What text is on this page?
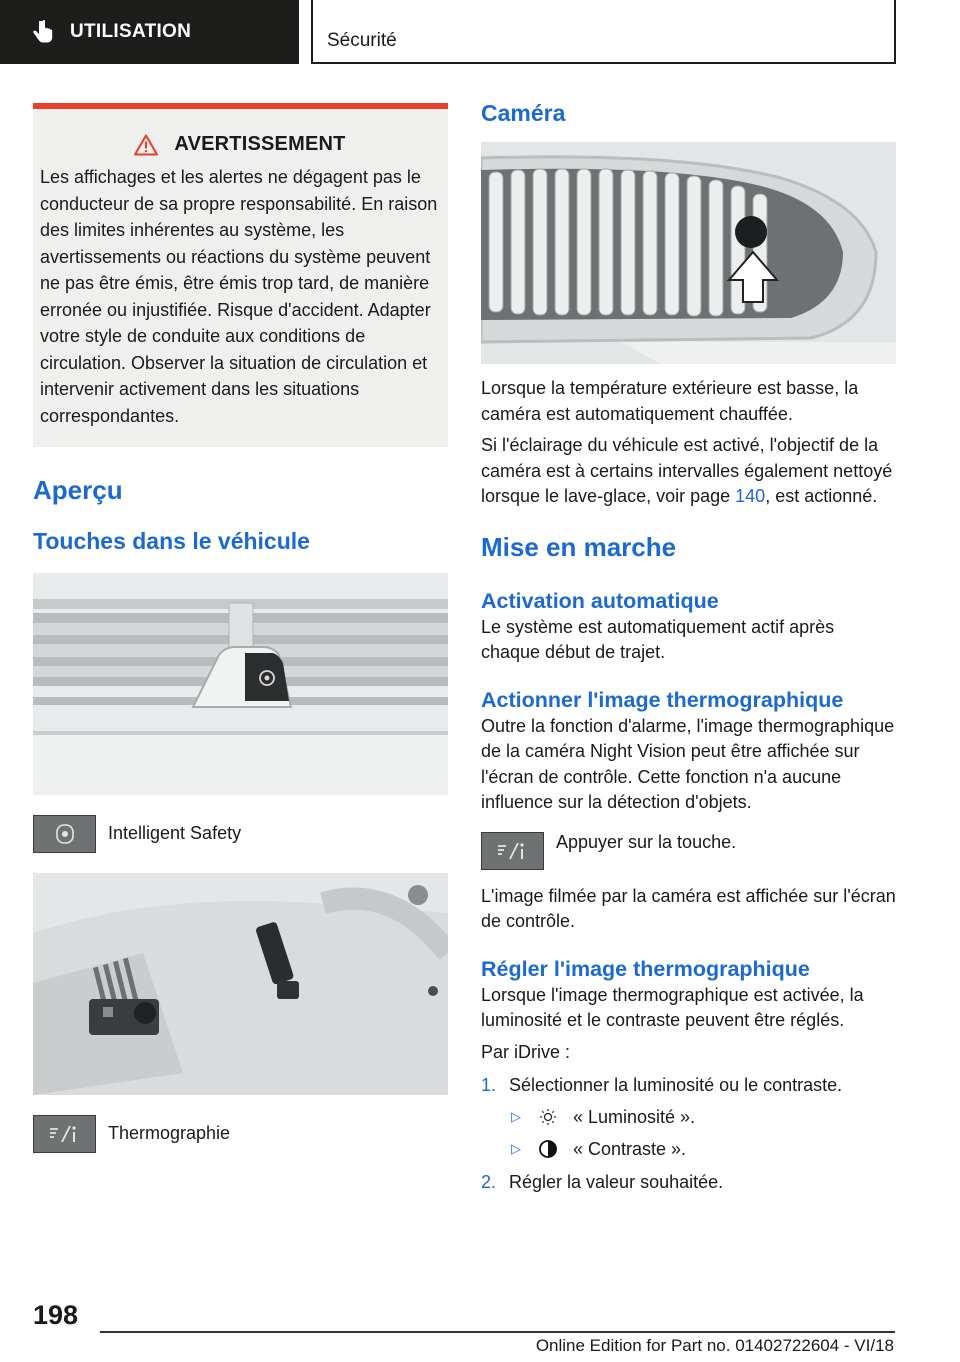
UTILISATION	Sécurité
AVERTISSEMENT
Les affichages et les alertes ne dégagent pas le conducteur de sa propre responsabilité. En raison des limites inhérentes au système, les avertissements ou réactions du système peuvent ne pas être émis, être émis trop tard, de manière erronée ou injustifiée. Risque d'accident. Adapter votre style de conduite aux conditions de circulation. Observer la situation de circulation et intervenir activement dans les situations correspondantes.
Aperçu
Touches dans le véhicule
Intelligent Safety
Thermographie
Caméra

Lorsque la température extérieure est basse, la caméra est automatiquement chauffée.

Si l'éclairage du véhicule est activé, l'objectif de la caméra est à certains intervalles également nettoyé lorsque le lave-glace, voir page 140, est actionné.

Mise en marche
Activation automatique

Le système est automatiquement actif après chaque début de trajet.

Actionner l'image thermographique

Outre la fonction d'alarme, l'image thermographique de la caméra Night Vision peut être affichée sur l'écran de contrôle. Cette fonction n'a aucune influence sur la détection d'objets.

Appuyer sur la touche.

L'image filmée par la caméra est affichée sur l'écran de contrôle.

Régler l'image thermographique

Lorsque l'image thermographique est activée, la luminosité et le contraste peuvent être réglés.

Par iDrive :

1. Sélectionner la luminosité ou le contraste.
▷	« Luminosité ».
▷	« Contraste ».
2. Régler la valeur souhaitée.
198
Online Edition for Part no. 01402722604 - VI/18
